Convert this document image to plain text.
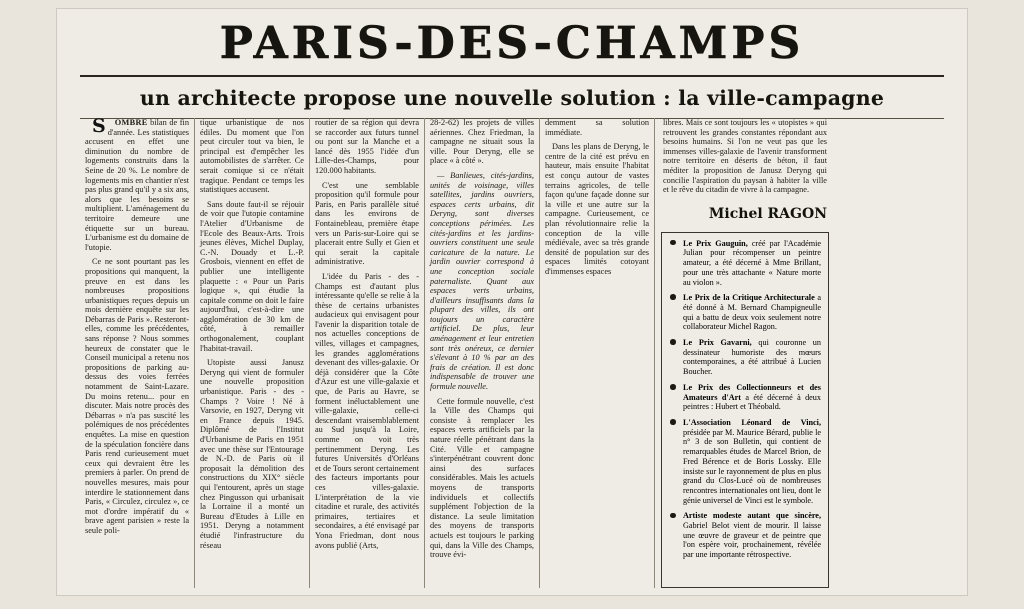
PARIS-DES-CHAMPS
un architecte propose une nouvelle solution : la ville-campagne

S OMBRE bilan de fin d'année. Les statistiques accusent en effet une diminution du nombre de logements construits dans la Seine de 20 %. Le nombre de logements mis en chantier n'est pas plus grand qu'il y a six ans, alors que les besoins se multiplient. L'aménagement du territoire demeure une étiquette sur un bureau. L'urbanisme est du domaine de l'utopie.

Ce ne sont pourtant pas les propositions qui manquent, la preuve en est dans les nombreuses propositions urbanistiques reçues depuis un mois dernière enquête sur les Débarras de Paris ». Resteront-elles, comme les précédentes, sans réponse ? Nous sommes heureux de constater que le Conseil municipal a retenu nos propositions de parking au-dessus des voies ferrées notamment de Saint-Lazare. Du moins retenu... pour en discuter. Mais notre procès des Débarras » n'a pas suscité les polémiques de nos précédentes enquêtes. La mise en question de la spéculation foncière dans Paris rend curieusement muet ceux qui devraient être les premiers à parler. On prend de nouvelles mesures, mais pour interdire le stationnement dans Paris, « Circulez, circulez », ce mot d'ordre impératif du « brave agent parisien » reste la seule poli-

tique urbanistique de nos édiles. Du moment que l'on peut circuler tout va bien, le principal est d'empêcher les automobilistes de s'arrêter. Ce serait comique si ce n'était tragique. Pendant ce temps les statistiques accusent.

Sans doute faut-il se réjouir de voir que l'utopie contamine l'Atelier d'Urbanisme de l'Ecole des Beaux-Arts. Trois jeunes élèves, Michel Duplay, C.-N. Douady et L.-P. Grosbois, viennent en effet de publier une intelligente plaquette : « Pour un Paris logique », qui étudie la capitale comme on doit le faire aujourd'hui, c'est-à-dire une agglomération de 30 km de côté, à remailler orthogonalement, couplant l'habitat-travail.

Utopiste aussi Janusz Deryng qui vient de formuler une nouvelle proposition urbanistique. Paris - des - Champs ? Voire ! Né à Varsovie, en 1927, Deryng vit en France depuis 1945. Diplômé de l'Institut d'Urbanisme de Paris en 1951 avec une thèse sur l'Entourage de N.-D. de Paris où il proposait la démolition des constructions du XIX° siècle qui l'entourent, après un stage chez Pingusson qui urbanisait la Lorraine il a monté un Bureau d'Etudes à Lille en 1951. Deryng a notamment étudié l'infrastructure du réseau

routier de sa région qui devra se raccorder aux futurs tunnel ou pont sur la Manche et a lancé dès 1955 l'idée d'un Lille-des-Champs, pour 120.000 habitants.

C'est une semblable proposition qu'il formule pour Paris, en Paris parallèle situé dans les environs de Fontainebleau, première étape vers un Paris-sur-Loire qui se placerait entre Sully et Gien et qui serait la capitale administrative.

L'idée du Paris - des - Champs est d'autant plus intéressante qu'elle se relie à la thèse de certains urbanistes audacieux qui envisagent pour l'avenir la disparition totale de nos actuelles conceptions de villes, villages et campagnes, les grandes agglomérations devenant des villes-galaxie. Or déjà considérer que la Côte d'Azur est une ville-galaxie et que, de Paris au Havre, se forment inéluctablement une ville-galaxie, celle-ci descendant vraisemblablement au Sud jusqu'à la Loire, comme on voit très pertinemment Deryng. Les futures Universités d'Orléans et de Tours seront certainement des facteurs importants pour ces villes-galaxie. L'interprétation de la vie citadine et rurale, des activités primaires, tertiaires et secondaires, a été envisagé par Yona Friedman, dont nous avons publié (Arts,

28-2-62) les projets de villes aériennes. Chez Friedman, la campagne ne situait sous la ville. Pour Deryng, elle se place « à côté ».

— Banlieues, cités-jardins, unités de voisinage, villes satellites, jardins ouvriers, espaces certs urbains, dit Deryng, sont diverses conceptions périmées. Les cités-jardins et les jardins-ouvriers constituent une seule caricature de la nature. Le jardin ouvrier correspond à une conception sociale paternaliste. Quant aux espaces verts urbains, d'ailleurs insuffisants dans la plupart des villes, ils ont toujours un caractère artificiel. De plus, leur aménagement et leur entretien sont très onéreux, ce dernier s'élevant à 10 % par an des frais de création. Il est donc indispensable de trouver une formule nouvelle.

Cette formule nouvelle, c'est la Ville des Champs qui consiste à remplacer les espaces verts artificiels par la nature réelle pénétrant dans la Cité. Ville et campagne s'interpénétrant couvrent donc ainsi des surfaces considérables. Mais les actuels moyens de transports individuels et collectifs supplément l'objection de la distance. La seule limitation des moyens de transports actuels est toujours le parking qui, dans la Ville des Champs, trouve évi-

demment sa solution immédiate.

Dans les plans de Deryng, le centre de la cité est prévu en hauteur, mais ensuite l'habitat est conçu autour de vastes terrains agricoles, de telle façon qu'une façade donne sur la ville et une autre sur la campagne. Curieusement, ce plan révolutionnaire relie la conception de la ville médiévale, avec sa très grande densité de population sur des espaces limités cotoyant d'immenses espaces

libres. Mais ce sont toujours les « utopistes » qui retrouvent les grandes constantes répondant aux besoins humains. Si l'on ne veut pas que les immenses villes-galaxie de l'avenir transforment notre territoire en déserts de béton, il faut méditer la proposition de Janusz Deryng qui concilie l'aspiration du paysan à habiter la ville et le rêve du citadin de vivre à la campagne.

Michel RAGON

Le Prix Gauguin, créé par l'Académie Julian pour récompenser un peintre amateur, a été décerné à Mme Brillant, pour une très attachante « Nature morte au violon ».

Le Prix de la Critique Architecturale a été donné à M. Bernard Champigneulle qui a battu de deux voix seulement notre collaborateur Michel Ragon.

Le Prix Gavarni, qui couronne un dessinateur humoriste des mœurs contemporaines, a été attribué à Lucien Boucher.

Le Prix des Collectionneurs et des Amateurs d'Art a été décerné à deux peintres : Hubert et Théobald.

L'Association Léonard de Vinci, présidée par M. Maurice Bérard, publie le n° 3 de son Bulletin, qui contient de remarquables études de Marcel Brion, de Fred Bérence et de Boris Lossky. Elle insiste sur le rayonnement de plus en plus grand du Clos-Lucé où de nombreuses rencontres internationales ont lieu, dont le génie universel de Vinci est le symbole.

Artiste modeste autant que sincère, Gabriel Belot vient de mourir. Il laisse une œuvre de graveur et de peintre que l'on espère voir, prochainement, révélée par une importante rétrospective.
